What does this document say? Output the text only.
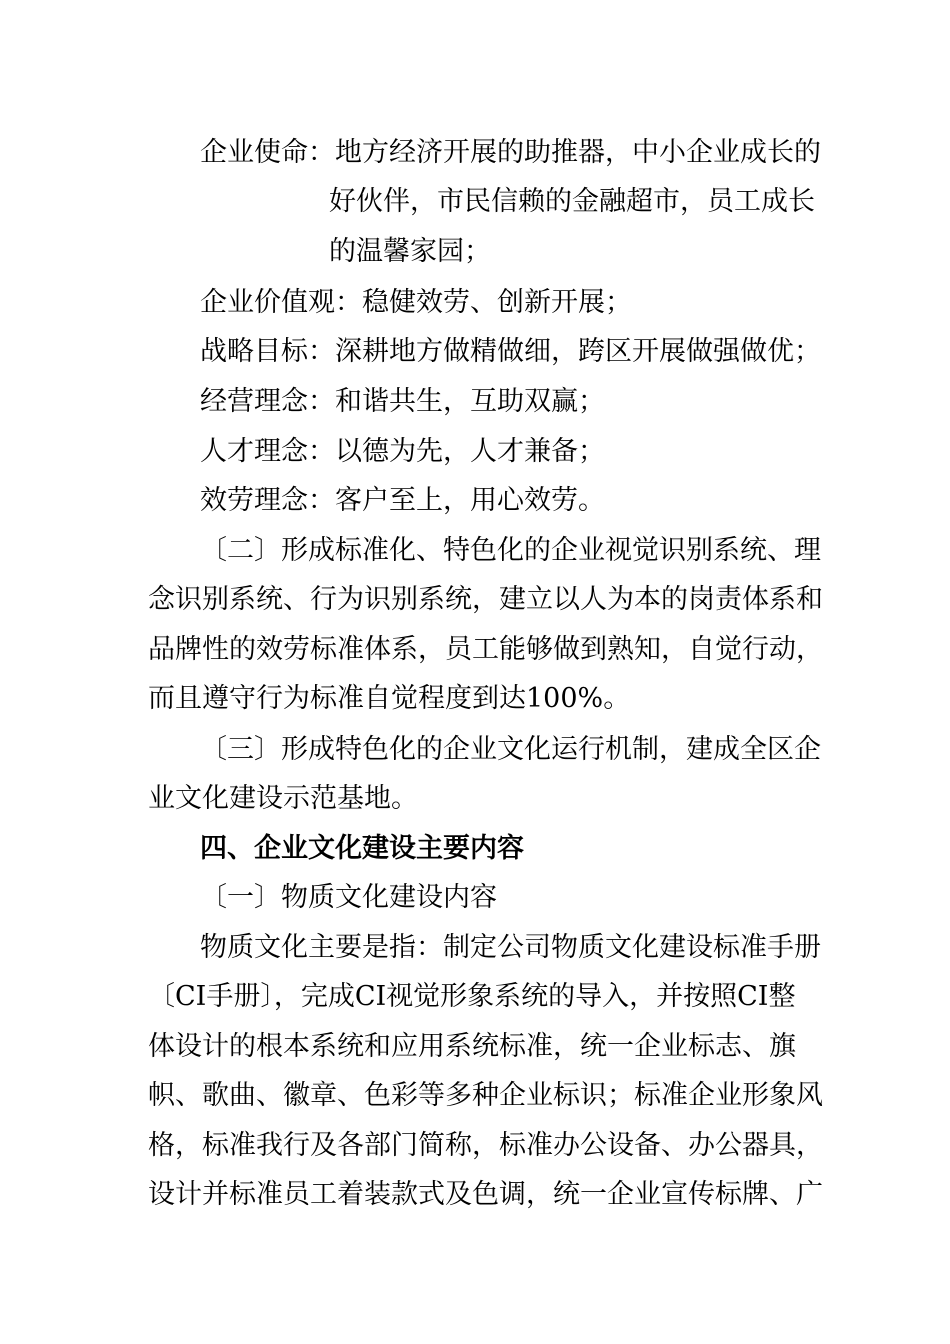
企业使命：地方经济开展的助推器，中小企业成长的

好伙伴，市民信赖的金融超市，员工成长

的温馨家园；

企业价值观：稳健效劳、创新开展；

战略目标：深耕地方做精做细，跨区开展做强做优；

经营理念：和谐共生，互助双赢；

人才理念：以德为先，人才兼备；

效劳理念：客户至上，用心效劳。

〔二〕形成标准化、特色化的企业视觉识别系统、理

念识别系统、行为识别系统，建立以人为本的岗责体系和

品牌性的效劳标准体系，员工能够做到熟知，自觉行动，

而且遵守行为标准自觉程度到达100%。

〔三〕形成特色化的企业文化运行机制，建成全区企

业文化建设示范基地。

四、企业文化建设主要内容

〔一〕物质文化建设内容

物质文化主要是指：制定公司物质文化建设标准手册

〔CI手册〕，完成CI视觉形象系统的导入，并按照CI整

体设计的根本系统和应用系统标准，统一企业标志、旗

帜、歌曲、徽章、色彩等多种企业标识；标准企业形象风

格，标准我行及各部门简称，标准办公设备、办公器具，

设计并标准员工着装款式及色调，统一企业宣传标牌、广
